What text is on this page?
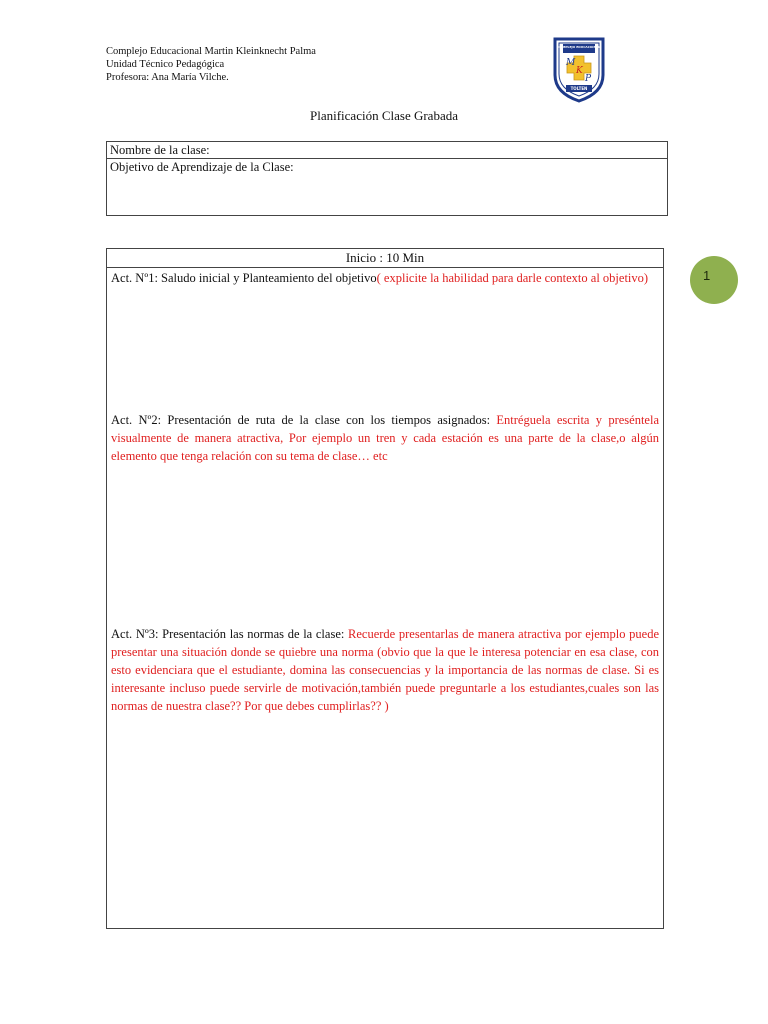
Complejo Educacional Martin Kleinknecht Palma
Unidad Técnico Pedagógica
Profesora: Ana María Vilche.
COMPLEJO EDUCACIONAL
M
K
P
TOLTEN
Planificación Clase Grabada
Nombre de la clase:
Objetivo de Aprendizaje de la Clase:
Inicio : 10 Min
Act. Nº1: Saludo inicial y Planteamiento del objetivo( explicite la habilidad para darle contexto al objetivo)
Act. Nº2: Presentación de ruta de la clase con los tiempos asignados: Entréguela escrita y preséntela visualmente de manera atractiva, Por ejemplo un tren y cada estación es una parte de la clase,o algún elemento que tenga relación con su tema de clase… etc
Act. Nº3: Presentación las normas de la clase: Recuerde presentarlas de manera atractiva por ejemplo puede presentar una situación donde se quiebre una norma (obvio que la que le interesa potenciar en esa clase, con esto evidenciara que el estudiante, domina las consecuencias y la importancia de las normas de clase. Si es interesante incluso puede servirle de motivación,también puede preguntarle a los estudiantes,cuales son las normas de nuestra clase?? Por que debes cumplirlas?? )
1
